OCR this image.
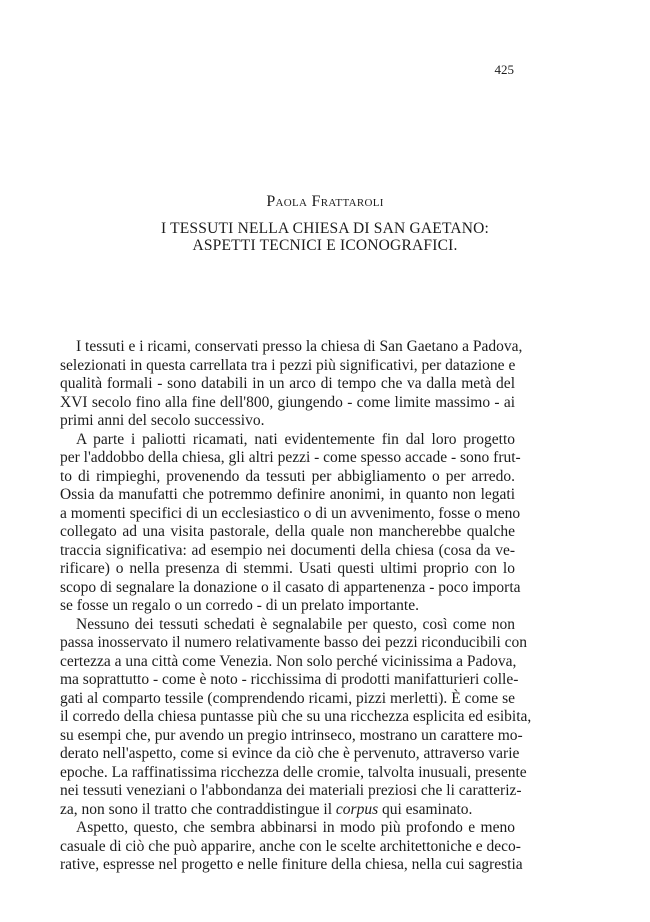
425
Paola Frattaroli
I TESSUTI NELLA CHIESA DI SAN GAETANO:
ASPETTI TECNICI E ICONOGRAFICI.
I tessuti e i ricami, conservati presso la chiesa di San Gaetano a Padova,
selezionati in questa carrellata tra i pezzi più significativi, per datazione e
qualità formali - sono databili in un arco di tempo che va dalla metà del
XVI secolo fino alla fine dell'800, giungendo - come limite massimo - ai
primi anni del secolo successivo.
A parte i paliotti ricamati, nati evidentemente fin dal loro progetto
per l'addobbo della chiesa, gli altri pezzi - come spesso accade - sono frut-
to di rimpieghi, provenendo da tessuti per abbigliamento o per arredo.
Ossia da manufatti che potremmo definire anonimi, in quanto non legati
a momenti specifici di un ecclesiastico o di un avvenimento, fosse o meno
collegato ad una visita pastorale, della quale non mancherebbe qualche
traccia significativa: ad esempio nei documenti della chiesa (cosa da ve-
rificare) o nella presenza di stemmi. Usati questi ultimi proprio con lo
scopo di segnalare la donazione o il casato di appartenenza - poco importa
se fosse un regalo o un corredo - di un prelato importante.
Nessuno dei tessuti schedati è segnalabile per questo, così come non
passa inosservato il numero relativamente basso dei pezzi riconducibili con
certezza a una città come Venezia. Non solo perché vicinissima a Padova,
ma soprattutto - come è noto - ricchissima di prodotti manifatturieri colle-
gati al comparto tessile (comprendendo ricami, pizzi merletti). È come se
il corredo della chiesa puntasse più che su una ricchezza esplicita ed esibita,
su esempi che, pur avendo un pregio intrinseco, mostrano un carattere mo-
derato nell'aspetto, come si evince da ciò che è pervenuto, attraverso varie
epoche. La raffinatissima ricchezza delle cromie, talvolta inusuali, presente
nei tessuti veneziani o l'abbondanza dei materiali preziosi che li caratteriz-
za, non sono il tratto che contraddistingue il corpus qui esaminato.
Aspetto, questo, che sembra abbinarsi in modo più profondo e meno
casuale di ciò che può apparire, anche con le scelte architettoniche e deco-
rative, espresse nel progetto e nelle finiture della chiesa, nella cui sagrestia
